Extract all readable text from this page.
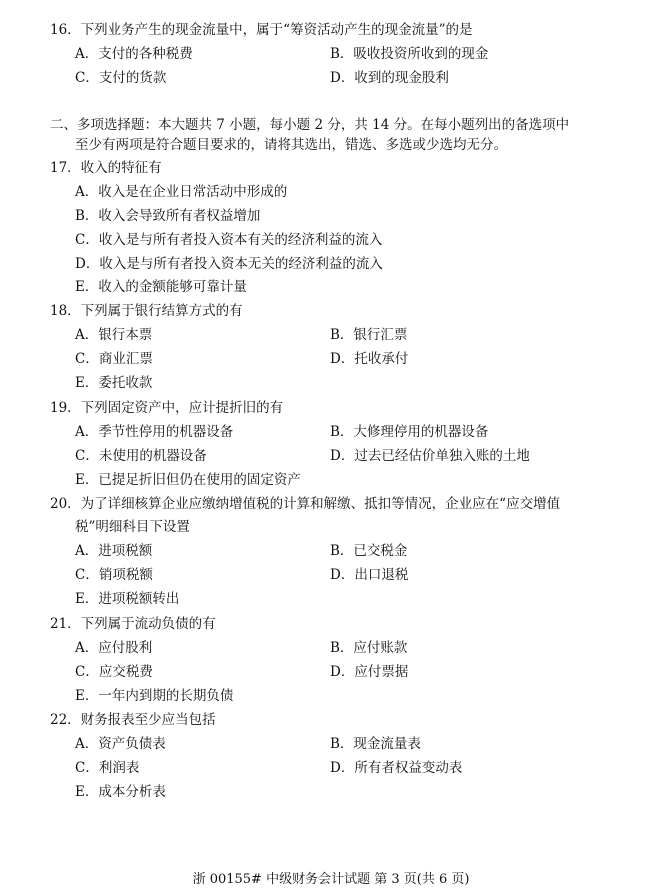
16．下列业务产生的现金流量中，属于“筹资活动产生的现金流量”的是
A．支付的各种税费	B．吸收投资所收到的现金
C．支付的货款	D．收到的现金股利
二、多项选择题：本大题共 7 小题，每小题 2 分，共 14 分。在每小题列出的备选项中
至少有两项是符合题目要求的，请将其选出，错选、多选或少选均无分。
17．收入的特征有
A．收入是在企业日常活动中形成的
B．收入会导致所有者权益增加
C．收入是与所有者投入资本有关的经济利益的流入
D．收入是与所有者投入资本无关的经济利益的流入
E．收入的金额能够可靠计量
18．下列属于银行结算方式的有
A．银行本票	B．银行汇票
C．商业汇票	D．托收承付
E．委托收款
19．下列固定资产中，应计提折旧的有
A．季节性停用的机器设备	B．大修理停用的机器设备
C．未使用的机器设备	D．过去已经估价单独入账的土地
E．已提足折旧但仍在使用的固定资产
20．为了详细核算企业应缴纳增值税的计算和解缴、抵扣等情况，企业应在“应交增值
税”明细科目下设置
A．进项税额	B．已交税金
C．销项税额	D．出口退税
E．进项税额转出
21．下列属于流动负债的有
A．应付股利	B．应付账款
C．应交税费	D．应付票据
E．一年内到期的长期负债
22．财务报表至少应当包括
A．资产负债表	B．现金流量表
C．利润表	D．所有者权益变动表
E．成本分析表
浙 00155# 中级财务会计试题 第 3 页(共 6 页)
